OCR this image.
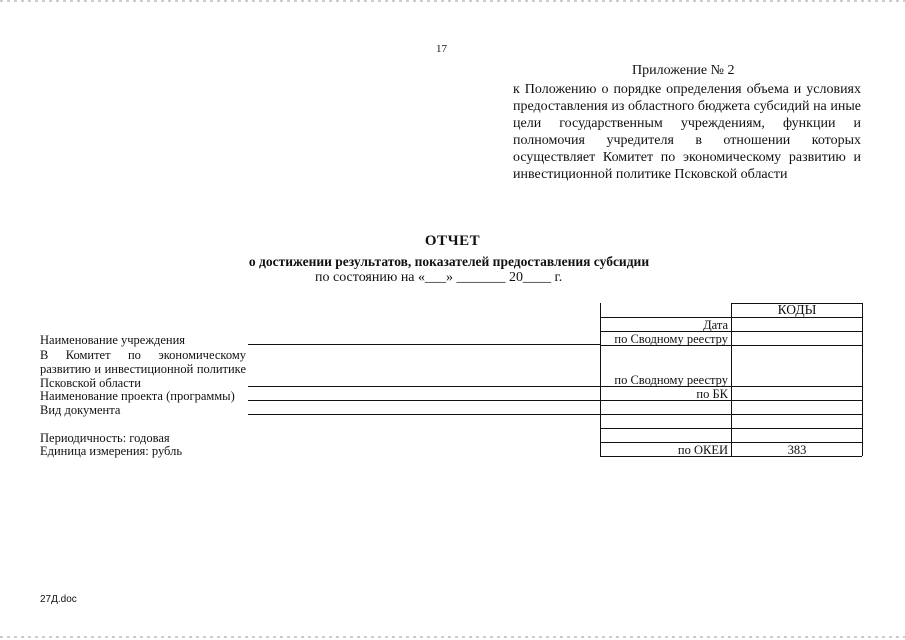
17
Приложение № 2
к Положению о порядке определения объема и условиях предоставления из областного бюджета субсидий на иные цели государственным учреждениям, функции и полномочия учредителя в отношении которых осуществляет Комитет по экономическому развитию и инвестиционной политике Псковской области
ОТЧЕТ
о достижении результатов, показателей предоставления субсидии
по состоянию на «___» _______ 20____ г.
Наименование учреждения
В Комитет по экономическому развитию и инвестиционной политике Псковской области
Наименование проекта (программы)
Вид документа
Периодичность: годовая
Единица измерения: рубль
КОДЫ
Дата
по Сводному реестру
по Сводному реестру
по БК
по ОКЕИ	383
27Д.doc
